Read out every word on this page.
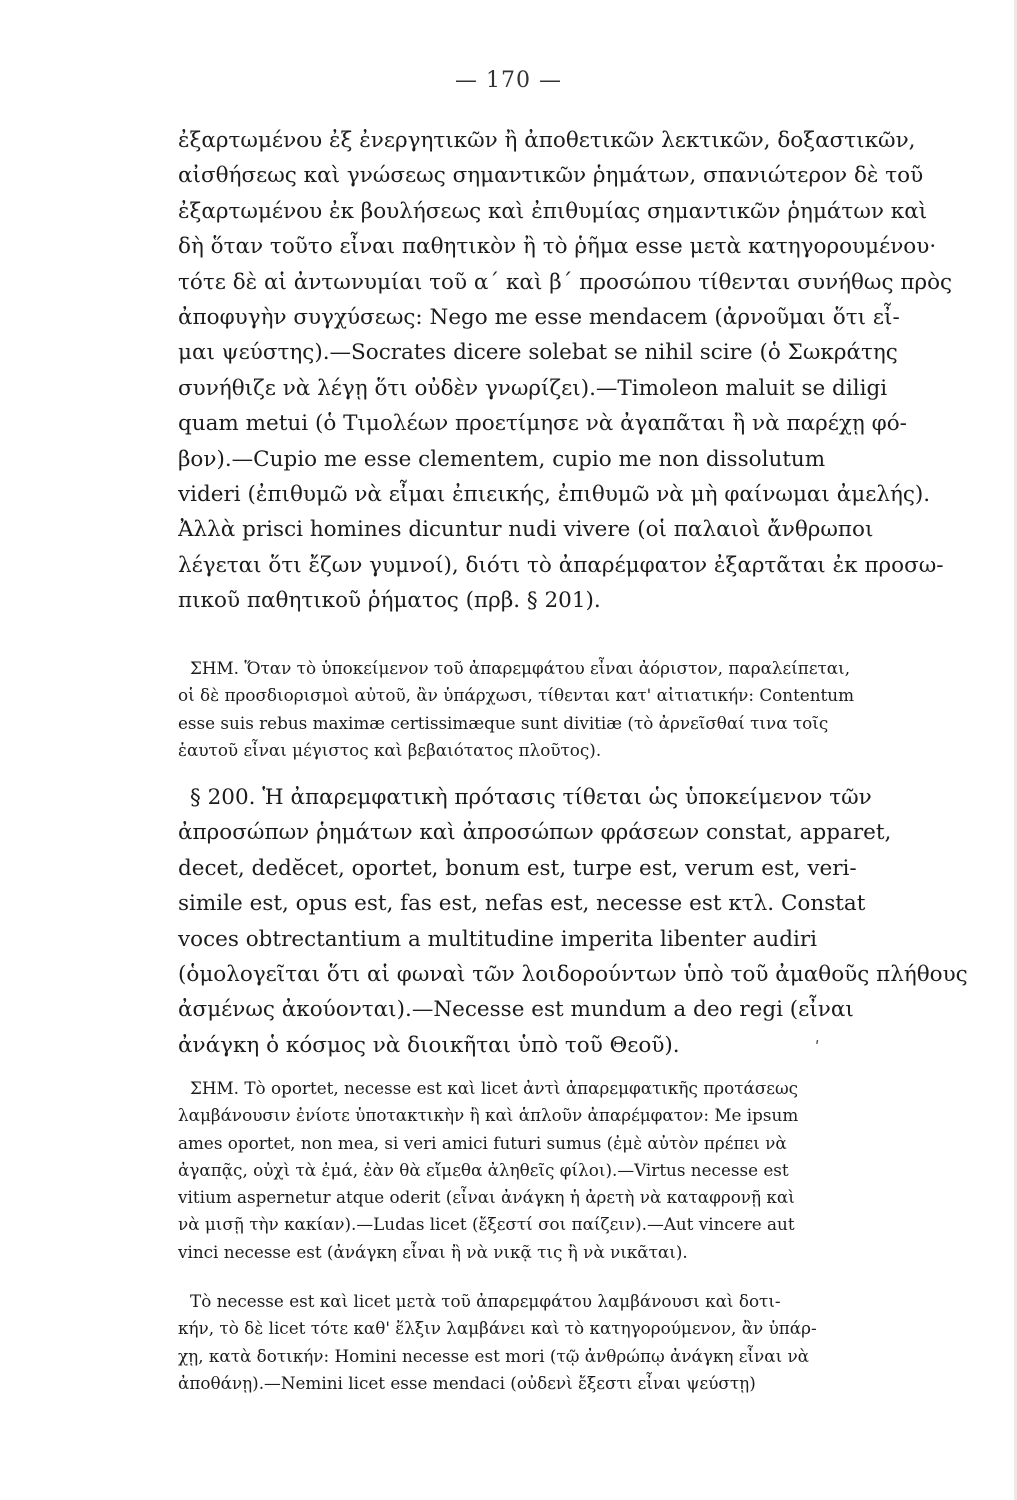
— 170 —

ἐξαρτωμένου ἐξ ἐνεργητικῶν ἢ ἀποθετικῶν λεκτικῶν, δοξαστικῶν,

αἰσθήσεως καὶ γνώσεως σημαντικῶν ῥημάτων, σπανιώτερον δὲ τοῦ

ἐξαρτωμένου ἐκ βουλήσεως καὶ ἐπιθυμίας σημαντικῶν ῥημάτων καὶ

δὴ ὅταν τοῦτο εἶναι παθητικὸν ἢ τὸ ῥῆμα esse μετὰ κατηγορουμένου·

τότε δὲ αἱ ἀντωνυμίαι τοῦ α΄ καὶ β΄ προσώπου τίθενται συνήθως πρὸς

ἀποφυγὴν συγχύσεως: Nego me esse mendacem (ἀρνοῦμαι ὅτι εἶ-

μαι ψεύστης).—Socrates dicere solebat se nihil scire (ὁ Σωκράτης

συνήθιζε νὰ λέγῃ ὅτι οὐδὲν γνωρίζει).—Timoleon maluit se diligi

quam metui (ὁ Τιμολέων προετίμησε νὰ ἀγαπᾶται ἢ νὰ παρέχῃ φό-

βον).—Cupio me esse clementem, cupio me non dissolutum

videri (ἐπιθυμῶ νὰ εἶμαι ἐπιεικής, ἐπιθυμῶ νὰ μὴ φαίνωμαι ἀμελής).

Ἀλλὰ prisci homines dicuntur nudi vivere (οἱ παλαιοὶ ἄνθρωποι

λέγεται ὅτι ἔζων γυμνοί), διότι τὸ ἀπαρέμφατον ἐξαρτᾶται ἐκ προσω-

πικοῦ παθητικοῦ ῥήματος (πρβ. § 201).

ΣΗΜ. Ὅταν τὸ ὑποκείμενον τοῦ ἀπαρεμφάτου εἶναι ἀόριστον, παραλείπεται,

οἱ δὲ προσδιορισμοὶ αὐτοῦ, ἂν ὑπάρχωσι, τίθενται κατ' αἰτιατικήν: Contentum

esse suis rebus maximæ certissimæque sunt divitiæ (τὸ ἀρνεῖσθαί τινα τοῖς

ἑαυτοῦ εἶναι μέγιστος καὶ βεβαιότατος πλοῦτος).

§ 200. Ἡ ἀπαρεμφατικὴ πρότασις τίθεται ὡς ὑποκείμενον τῶν

ἀπροσώπων ῥημάτων καὶ ἀπροσώπων φράσεων constat, apparet,

decet, dedĕcet, oportet, bonum est, turpe est, verum est, veri-

simile est, opus est, fas est, nefas est, necesse est κτλ. Constat

voces obtrectantium a multitudine imperita libenter audiri

(ὁμολογεῖται ὅτι αἱ φωναὶ τῶν λοιδορούντων ὑπὸ τοῦ ἀμαθοῦς πλήθους

ἀσμένως ἀκούονται).—Necesse est mundum a deo regi (εἶναι

ἀνάγκη ὁ κόσμος νὰ διοικῆται ὑπὸ τοῦ Θεοῦ).	ʹ

ΣΗΜ. Τὸ oportet, necesse est καὶ licet ἀντὶ ἀπαρεμφατικῆς προτάσεως

λαμβάνουσιν ἐνίοτε ὑποτακτικὴν ἢ καὶ ἁπλοῦν ἀπαρέμφατον: Me ipsum

ames oportet, non mea, si veri amici futuri sumus (ἐμὲ αὐτὸν πρέπει νὰ

ἀγαπᾷς, οὐχὶ τὰ ἐμά, ἐὰν θὰ εἴμεθα ἀληθεῖς φίλοι).—Virtus necesse est

vitium aspernetur atque oderit (εἶναι ἀνάγκη ἡ ἀρετὴ νὰ καταφρονῇ καὶ

νὰ μισῇ τὴν κακίαν).—Ludas licet (ἔξεστί σοι παίζειν).—Aut vincere aut

vinci necesse est (ἀνάγκη εἶναι ἢ νὰ νικᾷ τις ἢ νὰ νικᾶται).

Τὸ necesse est καὶ licet μετὰ τοῦ ἀπαρεμφάτου λαμβάνουσι καὶ δοτι-

κήν, τὸ δὲ licet τότε καθ' ἕλξιν λαμβάνει καὶ τὸ κατηγορούμενον, ἂν ὑπάρ-

χῃ, κατὰ δοτικήν: Homini necesse est mori (τῷ ἀνθρώπῳ ἀνάγκη εἶναι νὰ

ἀποθάνῃ).—Nemini licet esse mendaci (οὐδενὶ ἔξεστι εἶναι ψεύστῃ)
